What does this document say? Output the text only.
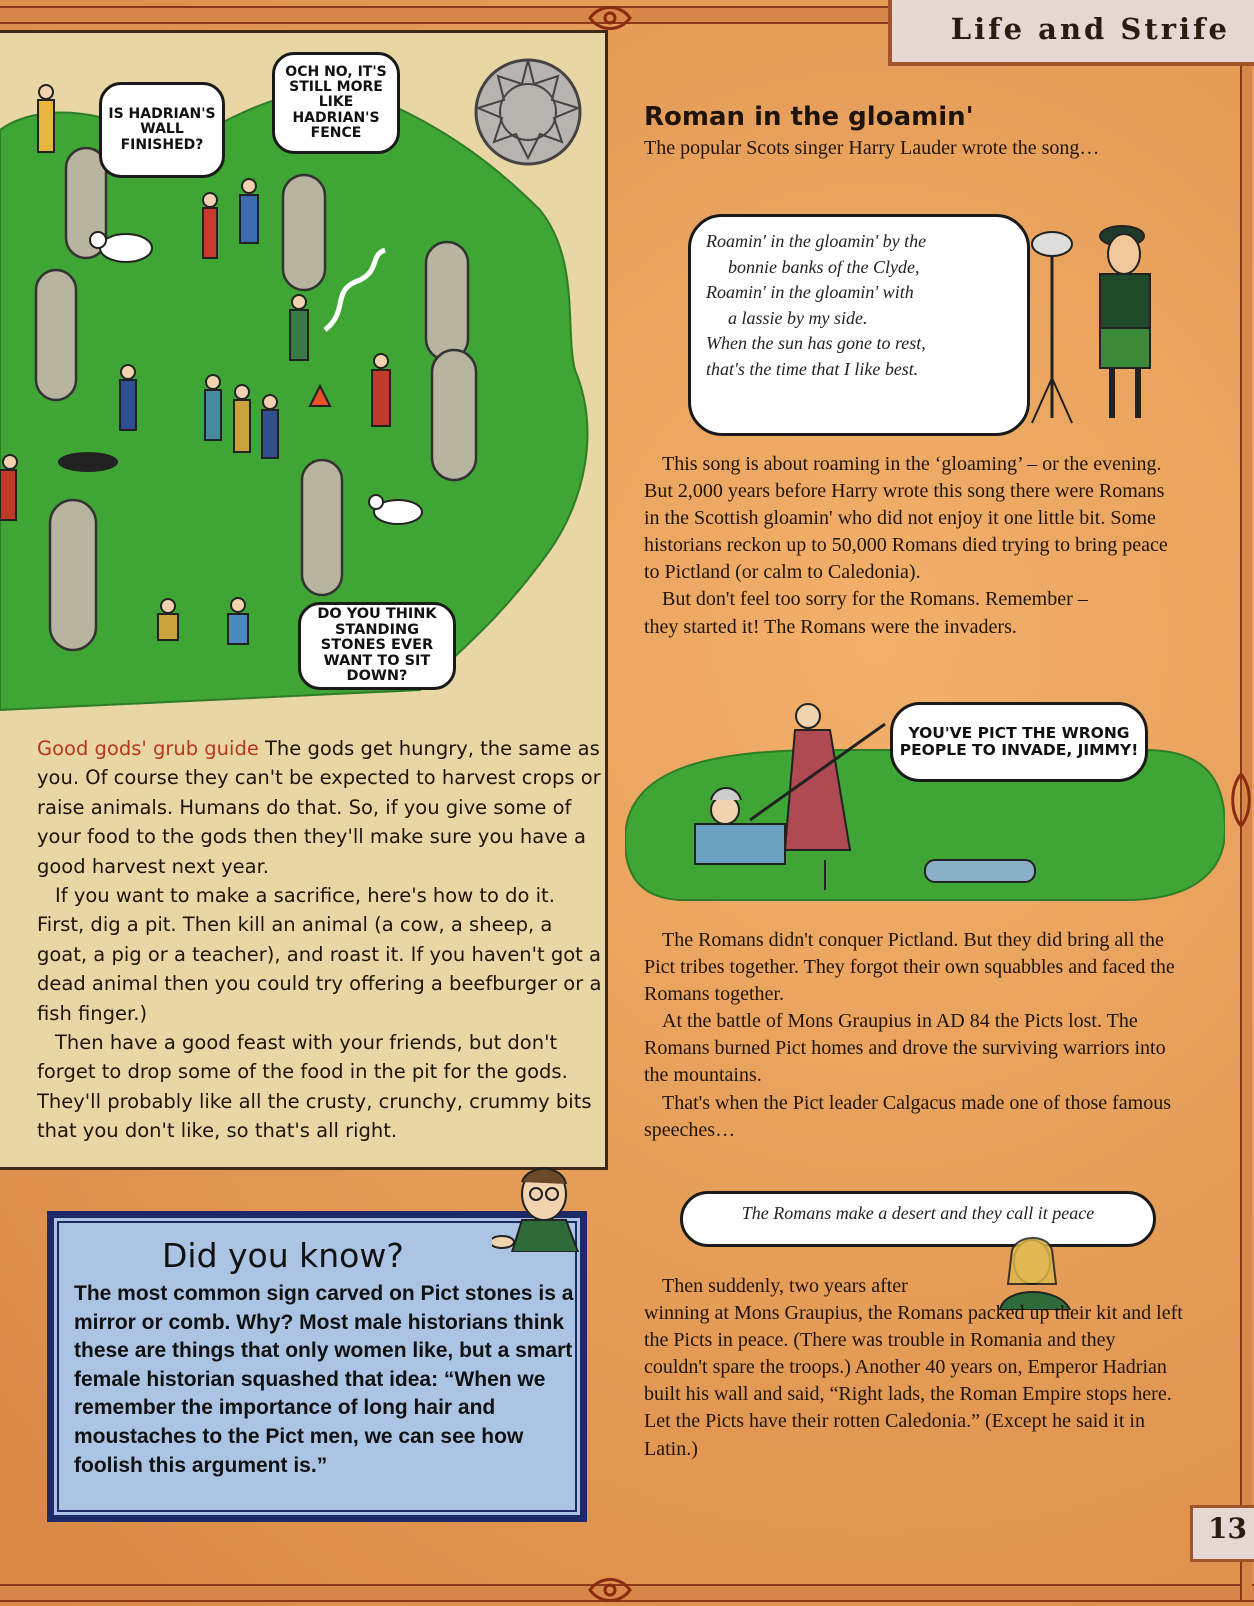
Life and Strife
IS HADRIAN'S WALL FINISHED?
OCH NO, IT'S STILL MORE LIKE HADRIAN'S FENCE
DO YOU THINK STANDING STONES EVER WANT TO SIT DOWN?

Good gods' grub guide The gods get hungry, the same as you. Of course they can't be expected to harvest crops or raise animals. Humans do that. So, if you give some of your food to the gods then they'll make sure you have a good harvest next year.

If you want to make a sacrifice, here's how to do it. First, dig a pit. Then kill an animal (a cow, a sheep, a goat, a pig or a teacher), and roast it. If you haven't got a dead animal then you could try offering a beefburger or a fish finger.)

Then have a good feast with your friends, but don't forget to drop some of the food in the pit for the gods. They'll probably like all the crusty, crunchy, crummy bits that you don't like, so that's all right.

Did you know?
The most common sign carved on Pict stones is a mirror or comb. Why? Most male historians think these are things that only women like, but a smart female historian squashed that idea: “When we remember the importance of long hair and moustaches to the Pict men, we can see how foolish this argument is.”
Roman in the gloamin'
The popular Scots singer Harry Lauder wrote the song…
Roamin' in the gloamin' by the
bonnie banks of the Clyde,
Roamin' in the gloamin' with
a lassie by my side.
When the sun has gone to rest,
that's the time that I like best.

This song is about roaming in the ‘gloaming’ – or the evening. But 2,000 years before Harry wrote this song there were Romans in the Scottish gloamin' who did not enjoy it one little bit. Some historians reckon up to 50,000 Romans died trying to bring peace to Pictland (or calm to Caledonia).

But don't feel too sorry for the Romans. Remember – they started it! The Romans were the invaders.

YOU'VE PICT THE WRONG PEOPLE TO INVADE, JIMMY!

The Romans didn't conquer Pictland. But they did bring all the Pict tribes together. They forgot their own squabbles and faced the Romans together.

At the battle of Mons Graupius in AD 84 the Picts lost. The Romans burned Pict homes and drove the surviving warriors into the mountains.

That's when the Pict leader Calgacus made one of those famous speeches…

The Romans make a desert and they call it peace

Then suddenly, two years after

winning at Mons Graupius, the Romans packed up their kit and left the Picts in peace. (There was trouble in Romania and they couldn't spare the troops.) Another 40 years on, Emperor Hadrian built his wall and said, “Right lads, the Roman Empire stops here. Let the Picts have their rotten Caledonia.” (Except he said it in Latin.)

13
